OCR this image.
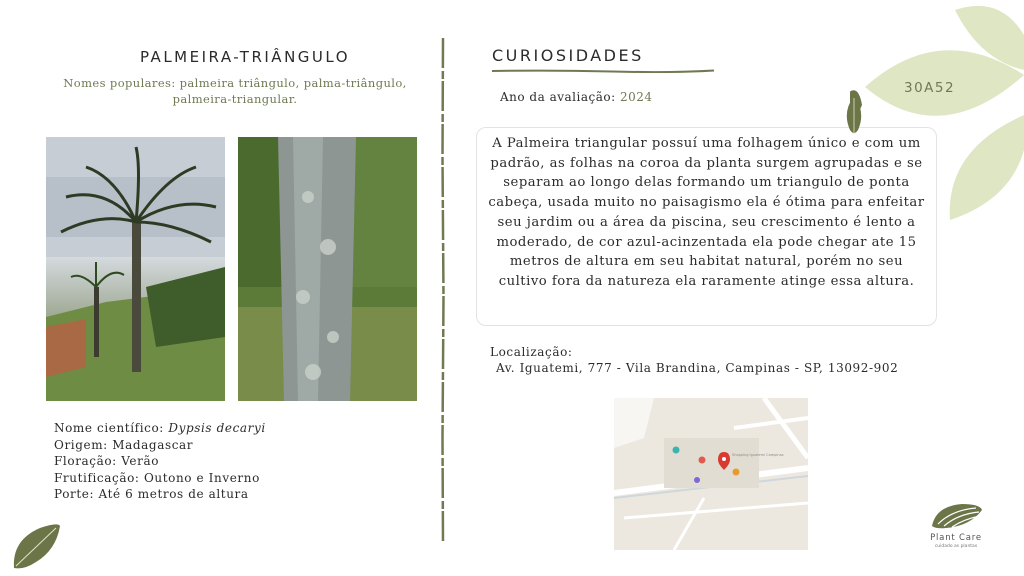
PALMEIRA-TRIÂNGULO
Nomes populares: palmeira triângulo, palma-triângulo,
palmeira-triangular.
Nome científico: Dypsis decaryi
Origem: Madagascar
Floração: Verão
Frutificação: Outono e Inverno
Porte: Até 6 metros de altura
CURIOSIDADES
Ano da avaliação: 2024
A Palmeira triangular possuí uma folhagem único e com um padrão, as folhas na coroa da planta surgem agrupadas e se separam ao longo delas formando um triangulo de ponta cabeça, usada muito no paisagismo ela é ótima para enfeitar seu jardim ou a área da piscina, seu crescimento é lento a moderado, de cor azul-acinzentada ela pode chegar ate 15 metros de altura em seu habitat natural, porém no seu cultivo fora da natureza ela raramente atinge essa altura.
Localização:
Av. Iguatemi, 777 - Vila Brandina, Campinas - SP, 13092-902
Shopping Iguatemi Campinas
30A52
Plant Care
cuidado as plantas
